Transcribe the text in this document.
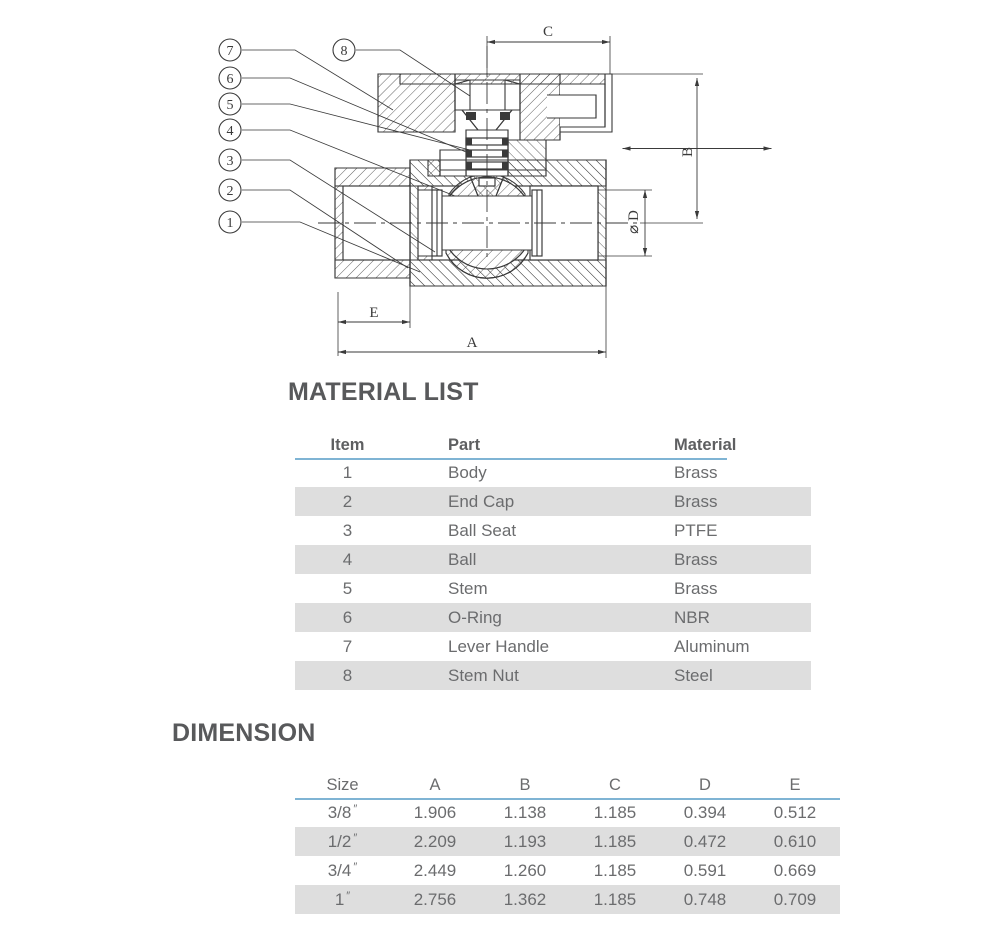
7
6
5
4
3
2
1
8
C
B
⌀ D
E
A
MATERIAL LIST
Item	Part	Material
1	Body	Brass
2	End Cap	Brass
3	Ball Seat	PTFE
4	Ball	Brass
5	Stem	Brass
6	O-Ring	NBR
7	Lever Handle	Aluminum
8	Stem Nut	Steel
DIMENSION
Size	A	B	C	D	E
3/8 ″	1.906	1.138	1.185	0.394	0.512
1/2 ″	2.209	1.193	1.185	0.472	0.610
3/4 ″	2.449	1.260	1.185	0.591	0.669
1 ″	2.756	1.362	1.185	0.748	0.709
